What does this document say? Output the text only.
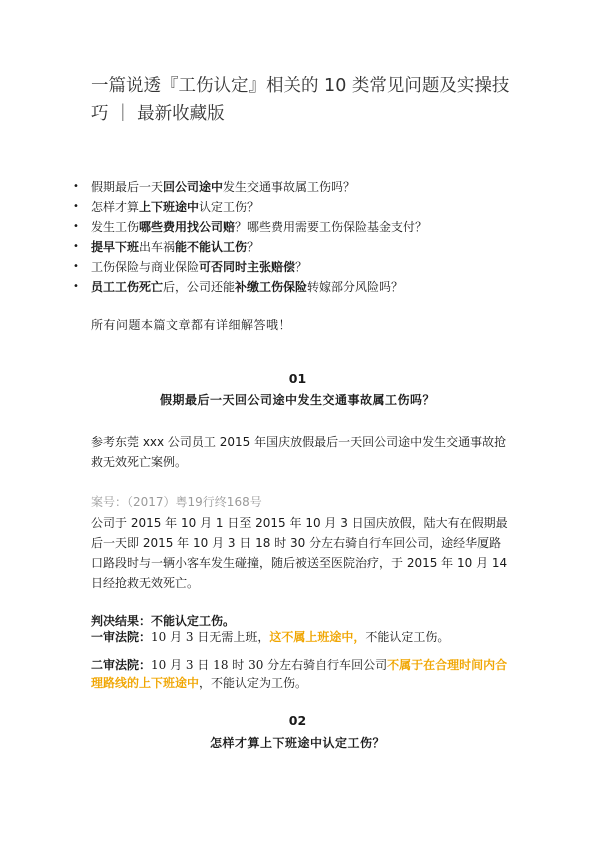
一篇说透『工伤认定』相关的 10 类常见问题及实操技巧 ｜ 最新收藏版
• 假期最后一天回公司途中发生交通事故属工伤吗？
• 怎样才算上下班途中认定工伤？
• 发生工伤哪些费用找公司赔？哪些费用需要工伤保险基金支付？
• 提早下班出车祸能不能认工伤？
• 工伤保险与商业保险可否同时主张赔偿？
• 员工工伤死亡后，公司还能补缴工伤保险转嫁部分风险吗？
所有问题本篇文章都有详细解答哦！
01
假期最后一天回公司途中发生交通事故属工伤吗？

参考东莞 xxx 公司员工 2015 年国庆放假最后一天回公司途中发生交通事故抢救无效死亡案例。

案号：（2017）粤19行终168号

公司于 2015 年 10 月 1 日至 2015 年 10 月 3 日国庆放假，陆大有在假期最后一天即 2015 年 10 月 3 日 18 时 30 分左右骑自行车回公司，途经华厦路口路段时与一辆小客车发生碰撞，随后被送至医院治疗，于 2015 年 10 月 14 日经抢救无效死亡。

判决结果：不能认定工伤。
一审法院：10 月 3 日无需上班，这不属上班途中，不能认定工伤。
二审法院：10 月 3 日 18 时 30 分左右骑自行车回公司不属于在合理时间内合理路线的上下班途中，不能认定为工伤。
02
怎样才算上下班途中认定工伤？
